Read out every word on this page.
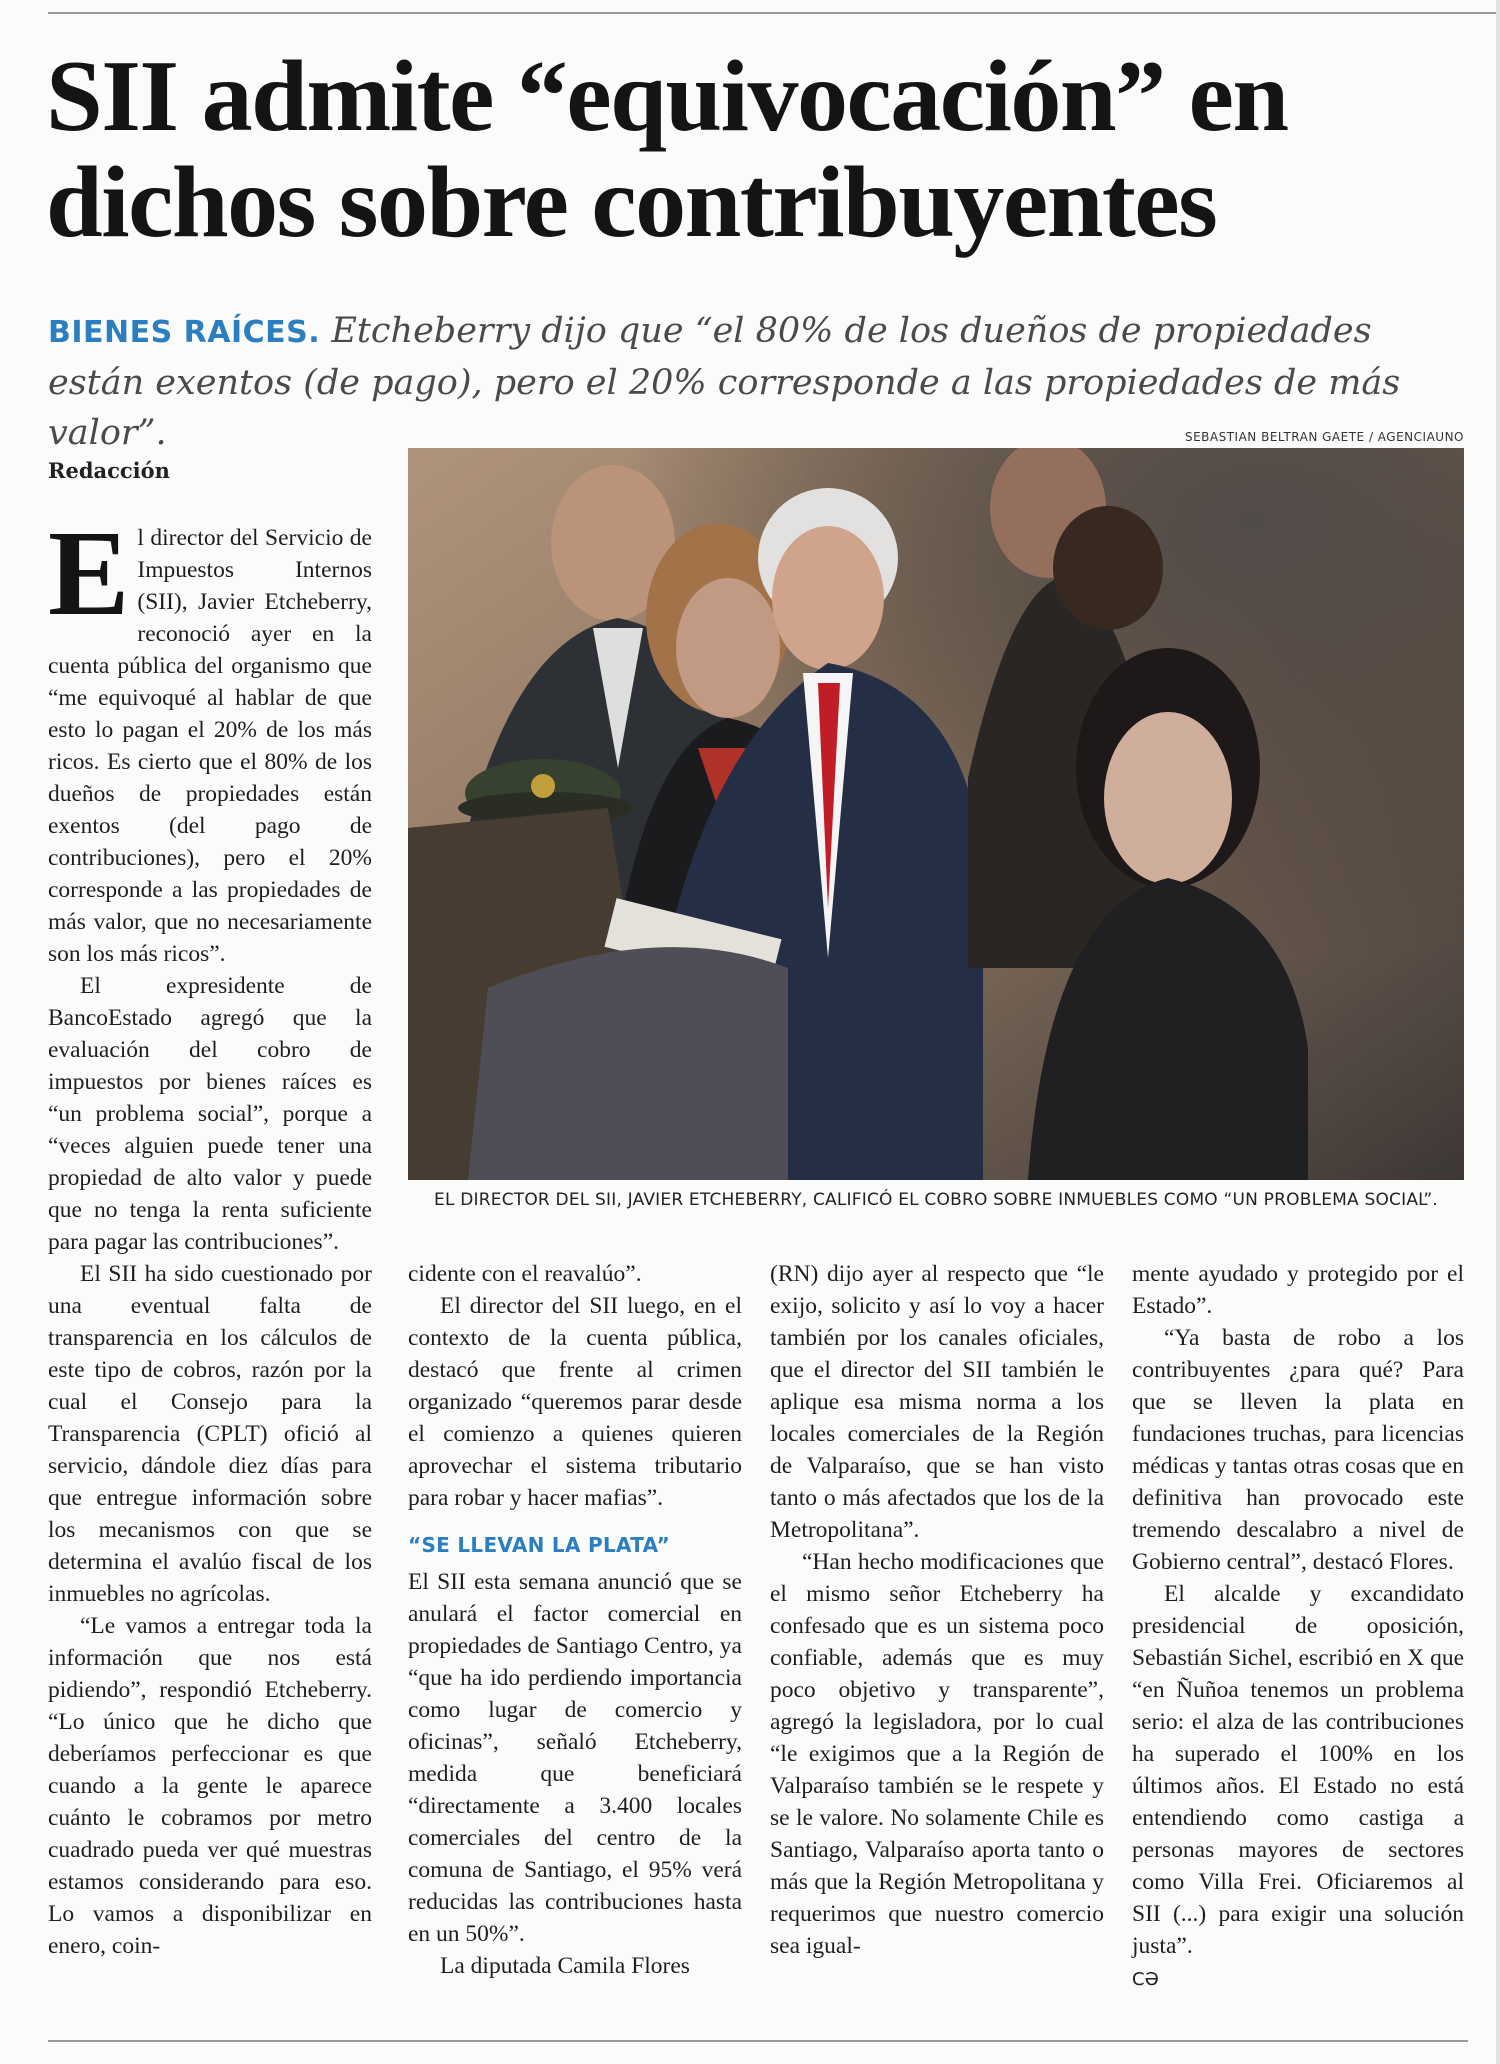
SII admite “equivocación” en dichos sobre contribuyentes
BIENES RAÍCES. Etcheberry dijo que “el 80% de los dueños de propiedades están exentos (de pago), pero el 20% corresponde a las propiedades de más valor”.	SEBASTIAN BELTRAN GAETE / AGENCIAUNO
Redacción
E l director del Servicio de Impuestos Internos (SII), Javier Etcheberry, reconoció ayer en la cuenta pública del organismo que “me equivoqué al hablar de que esto lo pagan el 20% de los más ricos. Es cierto que el 80% de los dueños de propiedades están exentos (del pago de contribuciones), pero el 20% corresponde a las propiedades de más valor, que no necesariamente son los más ricos”.

El expresidente de BancoEstado agregó que la evaluación del cobro de impuestos por bienes raíces es “un problema social”, porque a “veces alguien puede tener una propiedad de alto valor y puede que no tenga la renta suficiente para pagar las contribuciones”.

El SII ha sido cuestionado por una eventual falta de transparencia en los cálculos de este tipo de cobros, razón por la cual el Consejo para la Transparencia (CPLT) ofició al servicio, dándole diez días para que entregue información sobre los mecanismos con que se determina el avalúo fiscal de los inmuebles no agrícolas.

“Le vamos a entregar toda la información que nos está pidiendo”, respondió Etcheberry. “Lo único que he dicho que deberíamos perfeccionar es que cuando a la gente le aparece cuánto le cobramos por metro cuadrado pueda ver qué muestras estamos considerando para eso. Lo vamos a disponibilizar en enero, coin-

EL DIRECTOR DEL SII, JAVIER ETCHEBERRY, CALIFICÓ EL COBRO SOBRE INMUEBLES COMO “UN PROBLEMA SOCIAL”.

cidente con el reavalúo”.

El director del SII luego, en el contexto de la cuenta pública, destacó que frente al crimen organizado “queremos parar desde el comienzo a quienes quieren aprovechar el sistema tributario para robar y hacer mafias”.

“SE LLEVAN LA PLATA”

El SII esta semana anunció que se anulará el factor comercial en propiedades de Santiago Centro, ya “que ha ido perdiendo importancia como lugar de comercio y oficinas”, señaló Etcheberry, medida que beneficiará “directamente a 3.400 locales comerciales del centro de la comuna de Santiago, el 95% verá reducidas las contribuciones hasta en un 50%”.

La diputada Camila Flores

(RN) dijo ayer al respecto que “le exijo, solicito y así lo voy a hacer también por los canales oficiales, que el director del SII también le aplique esa misma norma a los locales comerciales de la Región de Valparaíso, que se han visto tanto o más afectados que los de la Metropolitana”.

“Han hecho modificaciones que el mismo señor Etcheberry ha confesado que es un sistema poco confiable, además que es muy poco objetivo y transparente”, agregó la legisladora, por lo cual “le exigimos que a la Región de Valparaíso también se le respete y se le valore. No solamente Chile es Santiago, Valparaíso aporta tanto o más que la Región Metropolitana y requerimos que nuestro comercio sea igual-

mente ayudado y protegido por el Estado”.

“Ya basta de robo a los contribuyentes ¿para qué? Para que se lleven la plata en fundaciones truchas, para licencias médicas y tantas otras cosas que en definitiva han provocado este tremendo descalabro a nivel de Gobierno central”, destacó Flores.

El alcalde y excandidato presidencial de oposición, Sebastián Sichel, escribió en X que “en Ñuñoa tenemos un problema serio: el alza de las contribuciones ha superado el 100% en los últimos años. El Estado no está entendiendo como castiga a personas mayores de sectores como Villa Frei. Oficiaremos al SII (...) para exigir una solución justa”.

CƏ
